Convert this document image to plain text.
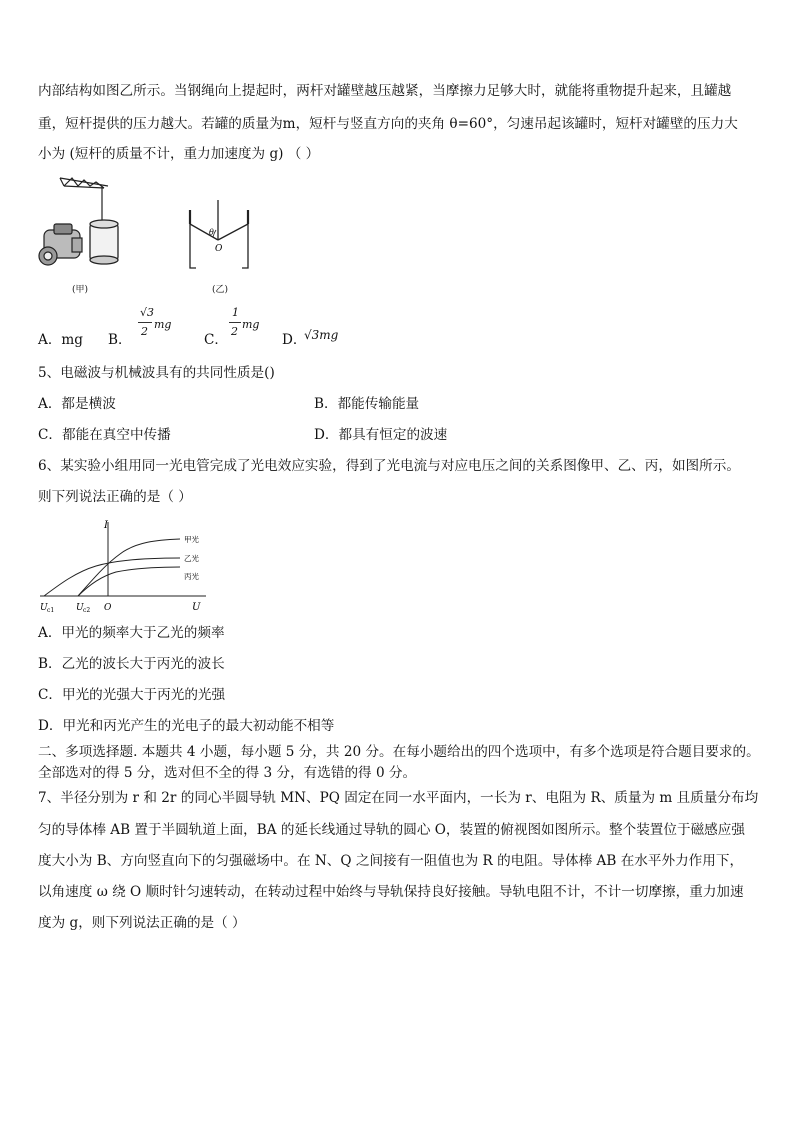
内部结构如图乙所示。当钢绳向上提起时，两杆对罐壁越压越紧，当摩擦力足够大时，就能将重物提升起来，且罐越
重，短杆提供的压力越大。若罐的质量为m，短杆与竖直方向的夹角 θ=60°，匀速吊起该罐时，短杆对罐壁的压力大
小为 (短杆的质量不计，重力加速度为 g) （ ）
(甲)
θ
O
(乙)
A．mg B．
√3
2
mg
C．
1
2
mg
D．
√3mg
5、电磁波与机械波具有的共同性质是()
A．都是横波	B．都能传输能量
C．都能在真空中传播	D．都具有恒定的波速
6、某实验小组用同一光电管完成了光电效应实验，得到了光电流与对应电压之间的关系图像甲、乙、丙，如图所示。
则下列说法正确的是（ ）
I
U
O
U c1 U c2
甲光
乙光
丙光
A．甲光的频率大于乙光的频率
B．乙光的波长大于丙光的波长
C．甲光的光强大于丙光的光强
D．甲光和丙光产生的光电子的最大初动能不相等
二、多项选择题. 本题共 4 小题，每小题 5 分，共 20 分。在每小题给出的四个选项中，有多个选项是符合题目要求的。
全部选对的得 5 分，选对但不全的得 3 分，有选错的得 0 分。
7、半径分别为 r 和 2r 的同心半圆导轨 MN、PQ 固定在同一水平面内，一长为 r、电阻为 R、质量为 m 且质量分布均
匀的导体棒 AB 置于半圆轨道上面，BA 的延长线通过导轨的圆心 O，装置的俯视图如图所示。整个装置位于磁感应强
度大小为 B、方向竖直向下的匀强磁场中。在 N、Q 之间接有一阻值也为 R 的电阻。导体棒 AB 在水平外力作用下，
以角速度 ω 绕 O 顺时针匀速转动，在转动过程中始终与导轨保持良好接触。导轨电阻不计，不计一切摩擦，重力加速
度为 g，则下列说法正确的是（ ）
